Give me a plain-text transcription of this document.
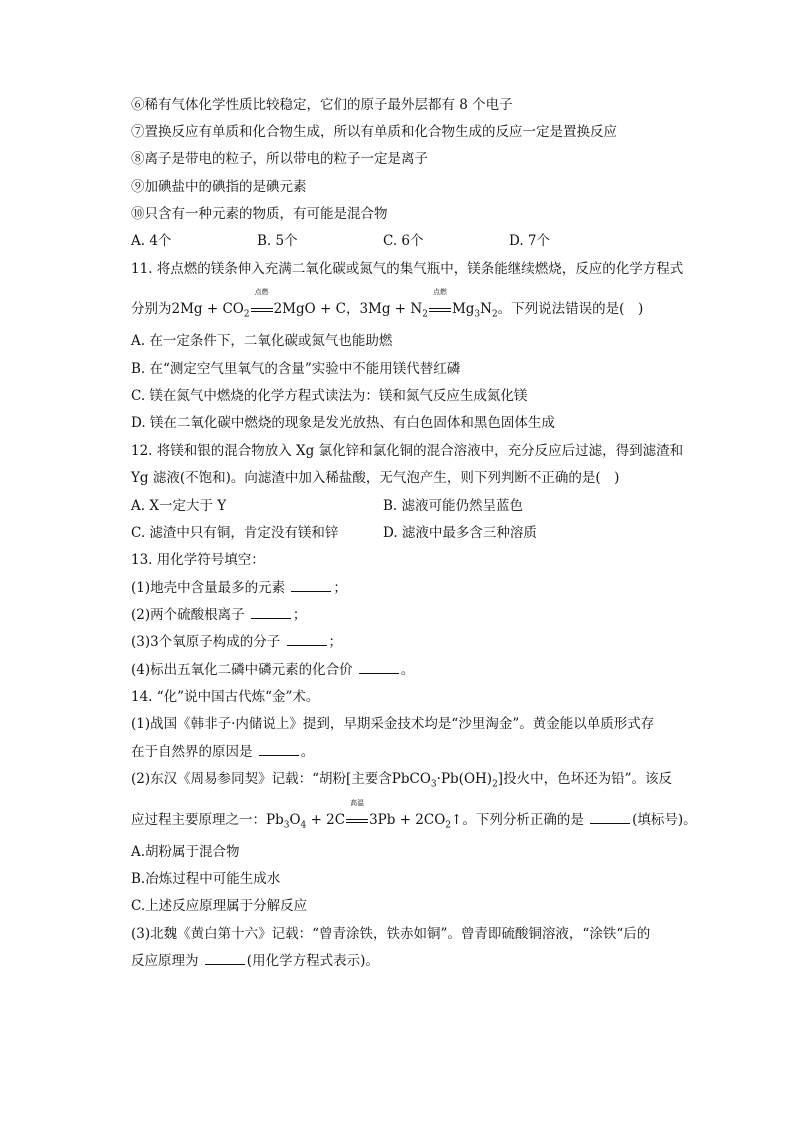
⑥稀有气体化学性质比较稳定，它们的原子最外层都有 8 个电子
⑦置换反应有单质和化合物生成，所以有单质和化合物生成的反应一定是置换反应
⑧离子是带电的粒子，所以带电的粒子一定是离子
⑨加碘盐中的碘指的是碘元素
⑩只含有一种元素的物质，有可能是混合物
A. 4个	B. 5个	C. 6个	D. 7个
11. 将点燃的镁条伸入充满二氧化碳或氮气的集气瓶中，镁条能继续燃烧，反应的化学方程式
分别为$2Mg + CO_2$
点燃
2MgO + C，$3Mg + N_2$
点燃
$Mg_3N_2$。下列说法错误的是(　)
A. 在一定条件下，二氧化碳或氮气也能助燃
B. 在“测定空气里氧气的含量”实验中不能用镁代替红磷
C. 镁在氮气中燃烧的化学方程式读法为：镁和氮气反应生成氮化镁
D. 镁在二氧化碳中燃烧的现象是发光放热、有白色固体和黑色固体生成
12. 将镁和银的混合物放入 Xg 氯化锌和氯化铜的混合溶液中，充分反应后过滤，得到滤渣和
Yg 滤液(不饱和)。向滤渣中加入稀盐酸，无气泡产生，则下列判断不正确的是(　)
A. X一定大于 Y	B. 滤液可能仍然呈蓝色
C. 滤渣中只有铜，肯定没有镁和锌	D. 滤液中最多含三种溶质
13. 用化学符号填空：
(1)地壳中含量最多的元素	；
(2)两个硫酸根离子	；
(3)3个氧原子构成的分子	；
(4)标出五氧化二磷中磷元素的化合价	。
14. “化”说中国古代炼“金”术。
(1)战国《韩非子·内储说上》提到，早期采金技术均是“沙里淘金”。黄金能以单质形式存
在于自然界的原因是	。
(2)东汉《周易参同契》记载：“胡粉[主要含$PbCO_3\cdot Pb(OH)_2$]投火中，色坏还为铅”。该反
应过程主要原理之一：$Pb_3O_4 + 2C$
高温
$3Pb + 2CO_2↑$。下列分析正确的是	(填标号)。
A.胡粉属于混合物
B.冶炼过程中可能生成水
C.上述反应原理属于分解反应
(3)北魏《黄白第十六》记载：“曾青涂铁，铁赤如铜”。曾青即硫酸铜溶液，“涂铁“后的
反应原理为	(用化学方程式表示)。
